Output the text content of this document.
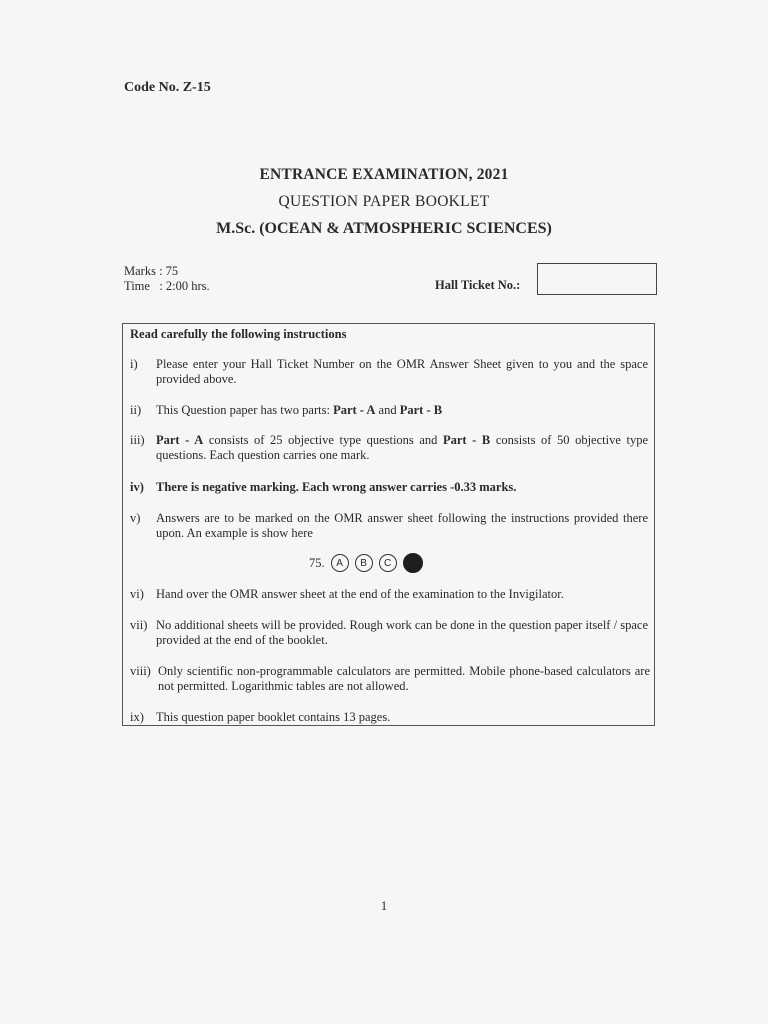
Code No. Z-15
ENTRANCE EXAMINATION, 2021
QUESTION PAPER BOOKLET
M.Sc. (OCEAN & ATMOSPHERIC SCIENCES)
Marks : 75
Time   : 2:00 hrs.	Hall Ticket No.:
Read carefully the following instructions
i) Please enter your Hall Ticket Number on the OMR Answer Sheet given to you and the space provided above.
ii) This Question paper has two parts: Part - A and Part - B
iii) Part - A consists of 25 objective type questions and Part - B consists of 50 objective type questions. Each question carries one mark.
iv) There is negative marking. Each wrong answer carries -0.33 marks.
v) Answers are to be marked on the OMR answer sheet following the instructions provided there upon. An example is show here
75.	A	B	C
vi) Hand over the OMR answer sheet at the end of the examination to the Invigilator.
vii) No additional sheets will be provided. Rough work can be done in the question paper itself / space provided at the end of the booklet.
viii) Only scientific non-programmable calculators are permitted. Mobile phone-based calculators are not permitted. Logarithmic tables are not allowed.
ix) This question paper booklet contains 13 pages.
1
